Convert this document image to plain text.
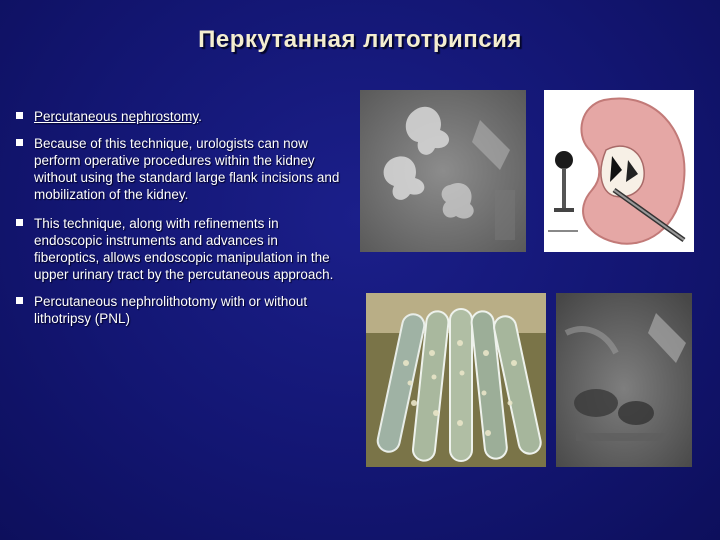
Перкутанная литотрипсия
Percutaneous nephrostomy.
Because of this technique, urologists can now perform operative procedures within the kidney without using the standard large flank incisions and mobilization of the kidney.
This technique, along with refinements in endoscopic instruments and advances in fiberoptics, allows endoscopic manipulation in the upper urinary tract by the percutaneous approach.
Percutaneous nephrolithotomy with or without lithotripsy (PNL)
